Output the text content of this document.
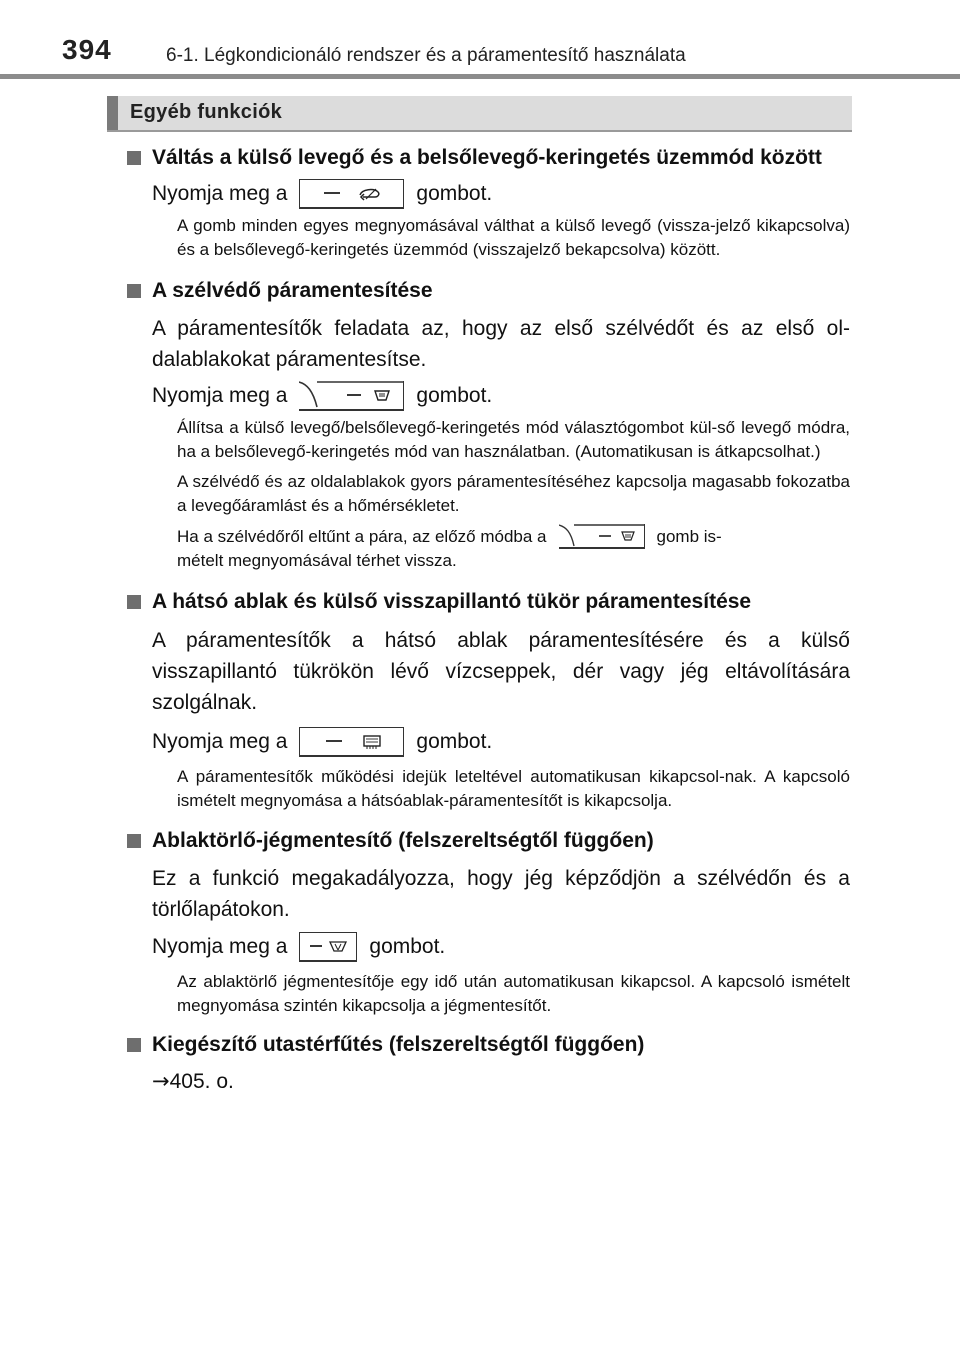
394	6-1. Légkondicionáló rendszer és a páramentesítő használata
Egyéb funkciók

Váltás a külső levegő és a belsőlevegő-keringetés üzemmód között

Nyomja meg a	gombot.

A gomb minden egyes megnyomásával válthat a külső levegő (vissza-jelző kikapcsolva) és a belsőlevegő-keringetés üzemmód (visszajelző bekapcsolva) között.

A szélvédő páramentesítése

A páramentesítők feladata az, hogy az első szélvédőt és az első ol-dalablakokat páramentesítse.

Nyomja meg a	gombot.

Állítsa a külső levegő/belsőlevegő-keringetés mód választógombot kül-ső levegő módra, ha a belsőlevegő-keringetés mód van használatban. (Automatikusan is átkapcsolhat.)

A szélvédő és az oldalablakok gyors páramentesítéséhez kapcsolja magasabb fokozatba a levegőáramlást és a hőmérsékletet.

Ha a szélvédőről eltűnt a pára, az előző módba a	gomb is-

mételt megnyomásával térhet vissza.

A hátsó ablak és külső visszapillantó tükör páramentesítése

A páramentesítők a hátsó ablak páramentesítésére és a külső visszapillantó tükrökön lévő vízcseppek, dér vagy jég eltávolítására szolgálnak.

Nyomja meg a	gombot.

A páramentesítők működési idejük leteltével automatikusan kikapcsol-nak. A kapcsoló ismételt megnyomása a hátsóablak-páramentesítőt is kikapcsolja.

Ablaktörlő-jégmentesítő (felszereltségtől függően)

Ez a funkció megakadályozza, hogy jég képződjön a szélvédőn és a törlőlapátokon.

Nyomja meg a	gombot.

Az ablaktörlő jégmentesítője egy idő után automatikusan kikapcsol. A kapcsoló ismételt megnyomása szintén kikapcsolja a jégmentesítőt.

Kiegészítő utastérfűtés (felszereltségtől függően)

→405. o.
